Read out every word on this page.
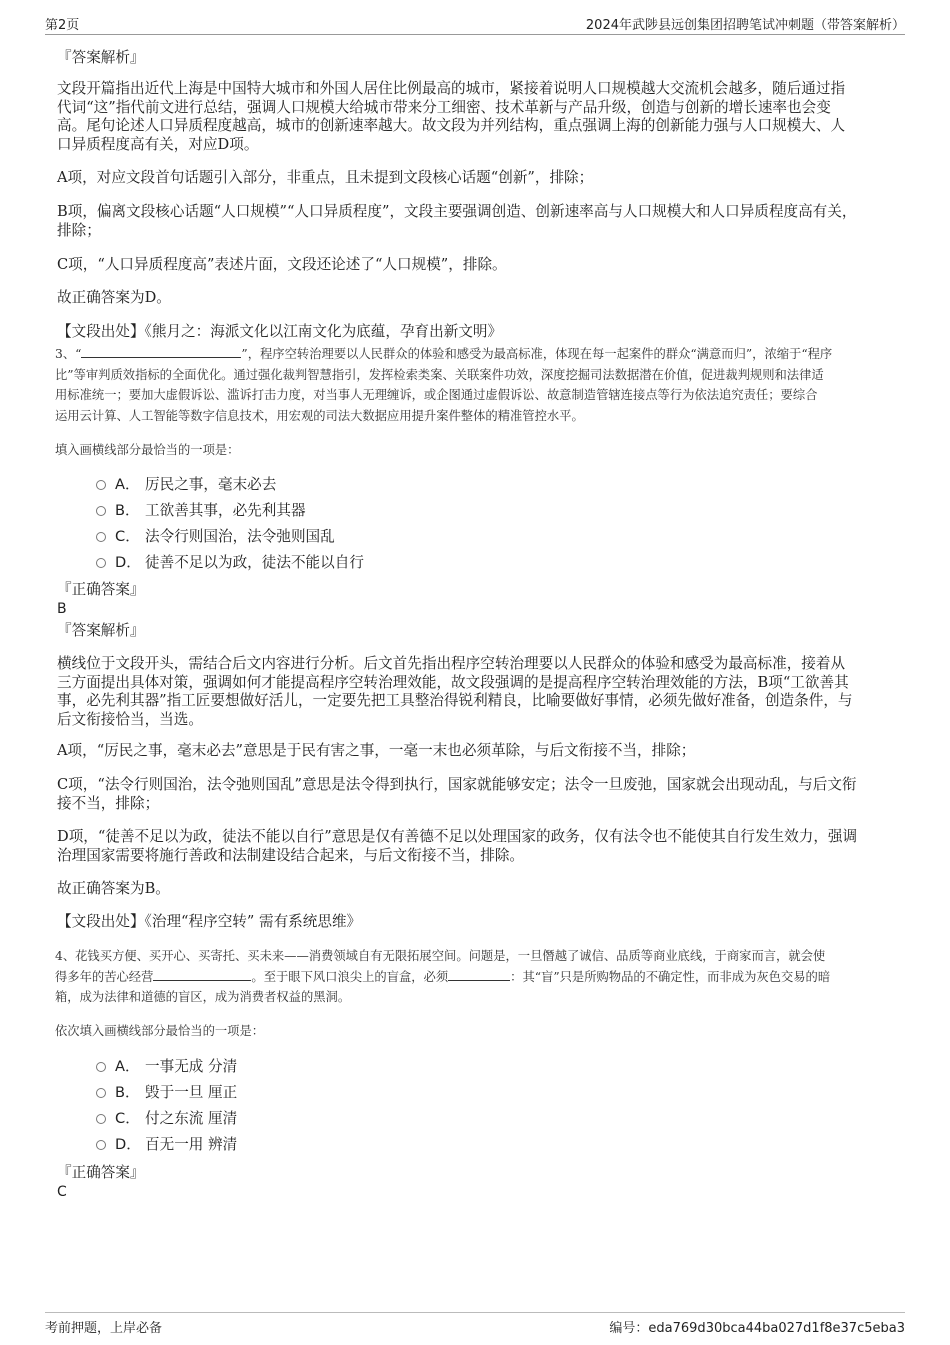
第2页	2024年武陟县远创集团招聘笔试冲刺题（带答案解析）
『答案解析』

文段开篇指出近代上海是中国特大城市和外国人居住比例最高的城市，紧接着说明人口规模越大交流机会越多，随后通过指

代词“这”指代前文进行总结，强调人口规模大给城市带来分工细密、技术革新与产品升级，创造与创新的增长速率也会变

高。尾句论述人口异质程度越高，城市的创新速率越大。故文段为并列结构，重点强调上海的创新能力强与人口规模大、人

口异质程度高有关，对应D项。

A项，对应文段首句话题引入部分，非重点，且未提到文段核心话题“创新”，排除；

B项，偏离文段核心话题“人口规模”“人口异质程度”，文段主要强调创造、创新速率高与人口规模大和人口异质程度高有关，

排除；

C项，“人口异质程度高”表述片面，文段还论述了“人口规模”，排除。

故正确答案为D。

【文段出处】《熊月之：海派文化以江南文化为底蕴，孕育出新文明》

3、“	”，程序空转治理要以人民群众的体验和感受为最高标准，体现在每一起案件的群众“满意而归”，浓缩于“程序

比”等审判质效指标的全面优化。通过强化裁判智慧指引，发挥检索类案、关联案件功效，深度挖掘司法数据潜在价值，促进裁判规则和法律适

用标准统一；要加大虚假诉讼、滥诉打击力度，对当事人无理缠诉，或企图通过虚假诉讼、故意制造管辖连接点等行为依法追究责任；要综合

运用云计算、人工智能等数字信息技术，用宏观的司法大数据应用提升案件整体的精准管控水平。

填入画横线部分最恰当的一项是：

A． 厉民之事，毫末必去
B． 工欲善其事，必先利其器
C． 法令行则国治，法令弛则国乱
D． 徒善不足以为政，徒法不能以自行
『正确答案』
B
『答案解析』

横线位于文段开头，需结合后文内容进行分析。后文首先指出程序空转治理要以人民群众的体验和感受为最高标准，接着从

三方面提出具体对策，强调如何才能提高程序空转治理效能，故文段强调的是提高程序空转治理效能的方法，B项“工欲善其

事，必先利其器”指工匠要想做好活儿，一定要先把工具整治得锐利精良，比喻要做好事情，必须先做好准备，创造条件，与

后文衔接恰当，当选。

A项，“厉民之事，毫末必去”意思是于民有害之事，一毫一末也必须革除，与后文衔接不当，排除；

C项，“法令行则国治，法令弛则国乱”意思是法令得到执行，国家就能够安定；法令一旦废弛，国家就会出现动乱，与后文衔

接不当，排除；

D项，“徒善不足以为政，徒法不能以自行”意思是仅有善德不足以处理国家的政务，仅有法令也不能使其自行发生效力，强调

治理国家需要将施行善政和法制建设结合起来，与后文衔接不当，排除。

故正确答案为B。

【文段出处】《治理“程序空转” 需有系统思维》

4、花钱买方便、买开心、买寄托、买未来——消费领域自有无限拓展空间。问题是，一旦僭越了诚信、品质等商业底线，于商家而言，就会使

得多年的苦心经营	。至于眼下风口浪尖上的盲盒，必须	：其“盲”只是所购物品的不确定性，而非成为灰色交易的暗

箱，成为法律和道德的盲区，成为消费者权益的黑洞。

依次填入画横线部分最恰当的一项是：

A． 一事无成 分清
B． 毁于一旦 厘正
C． 付之东流 厘清
D． 百无一用 辨清
『正确答案』
C
考前押题，上岸必备	编号：eda769d30bca44ba027d1f8e37c5eba3
